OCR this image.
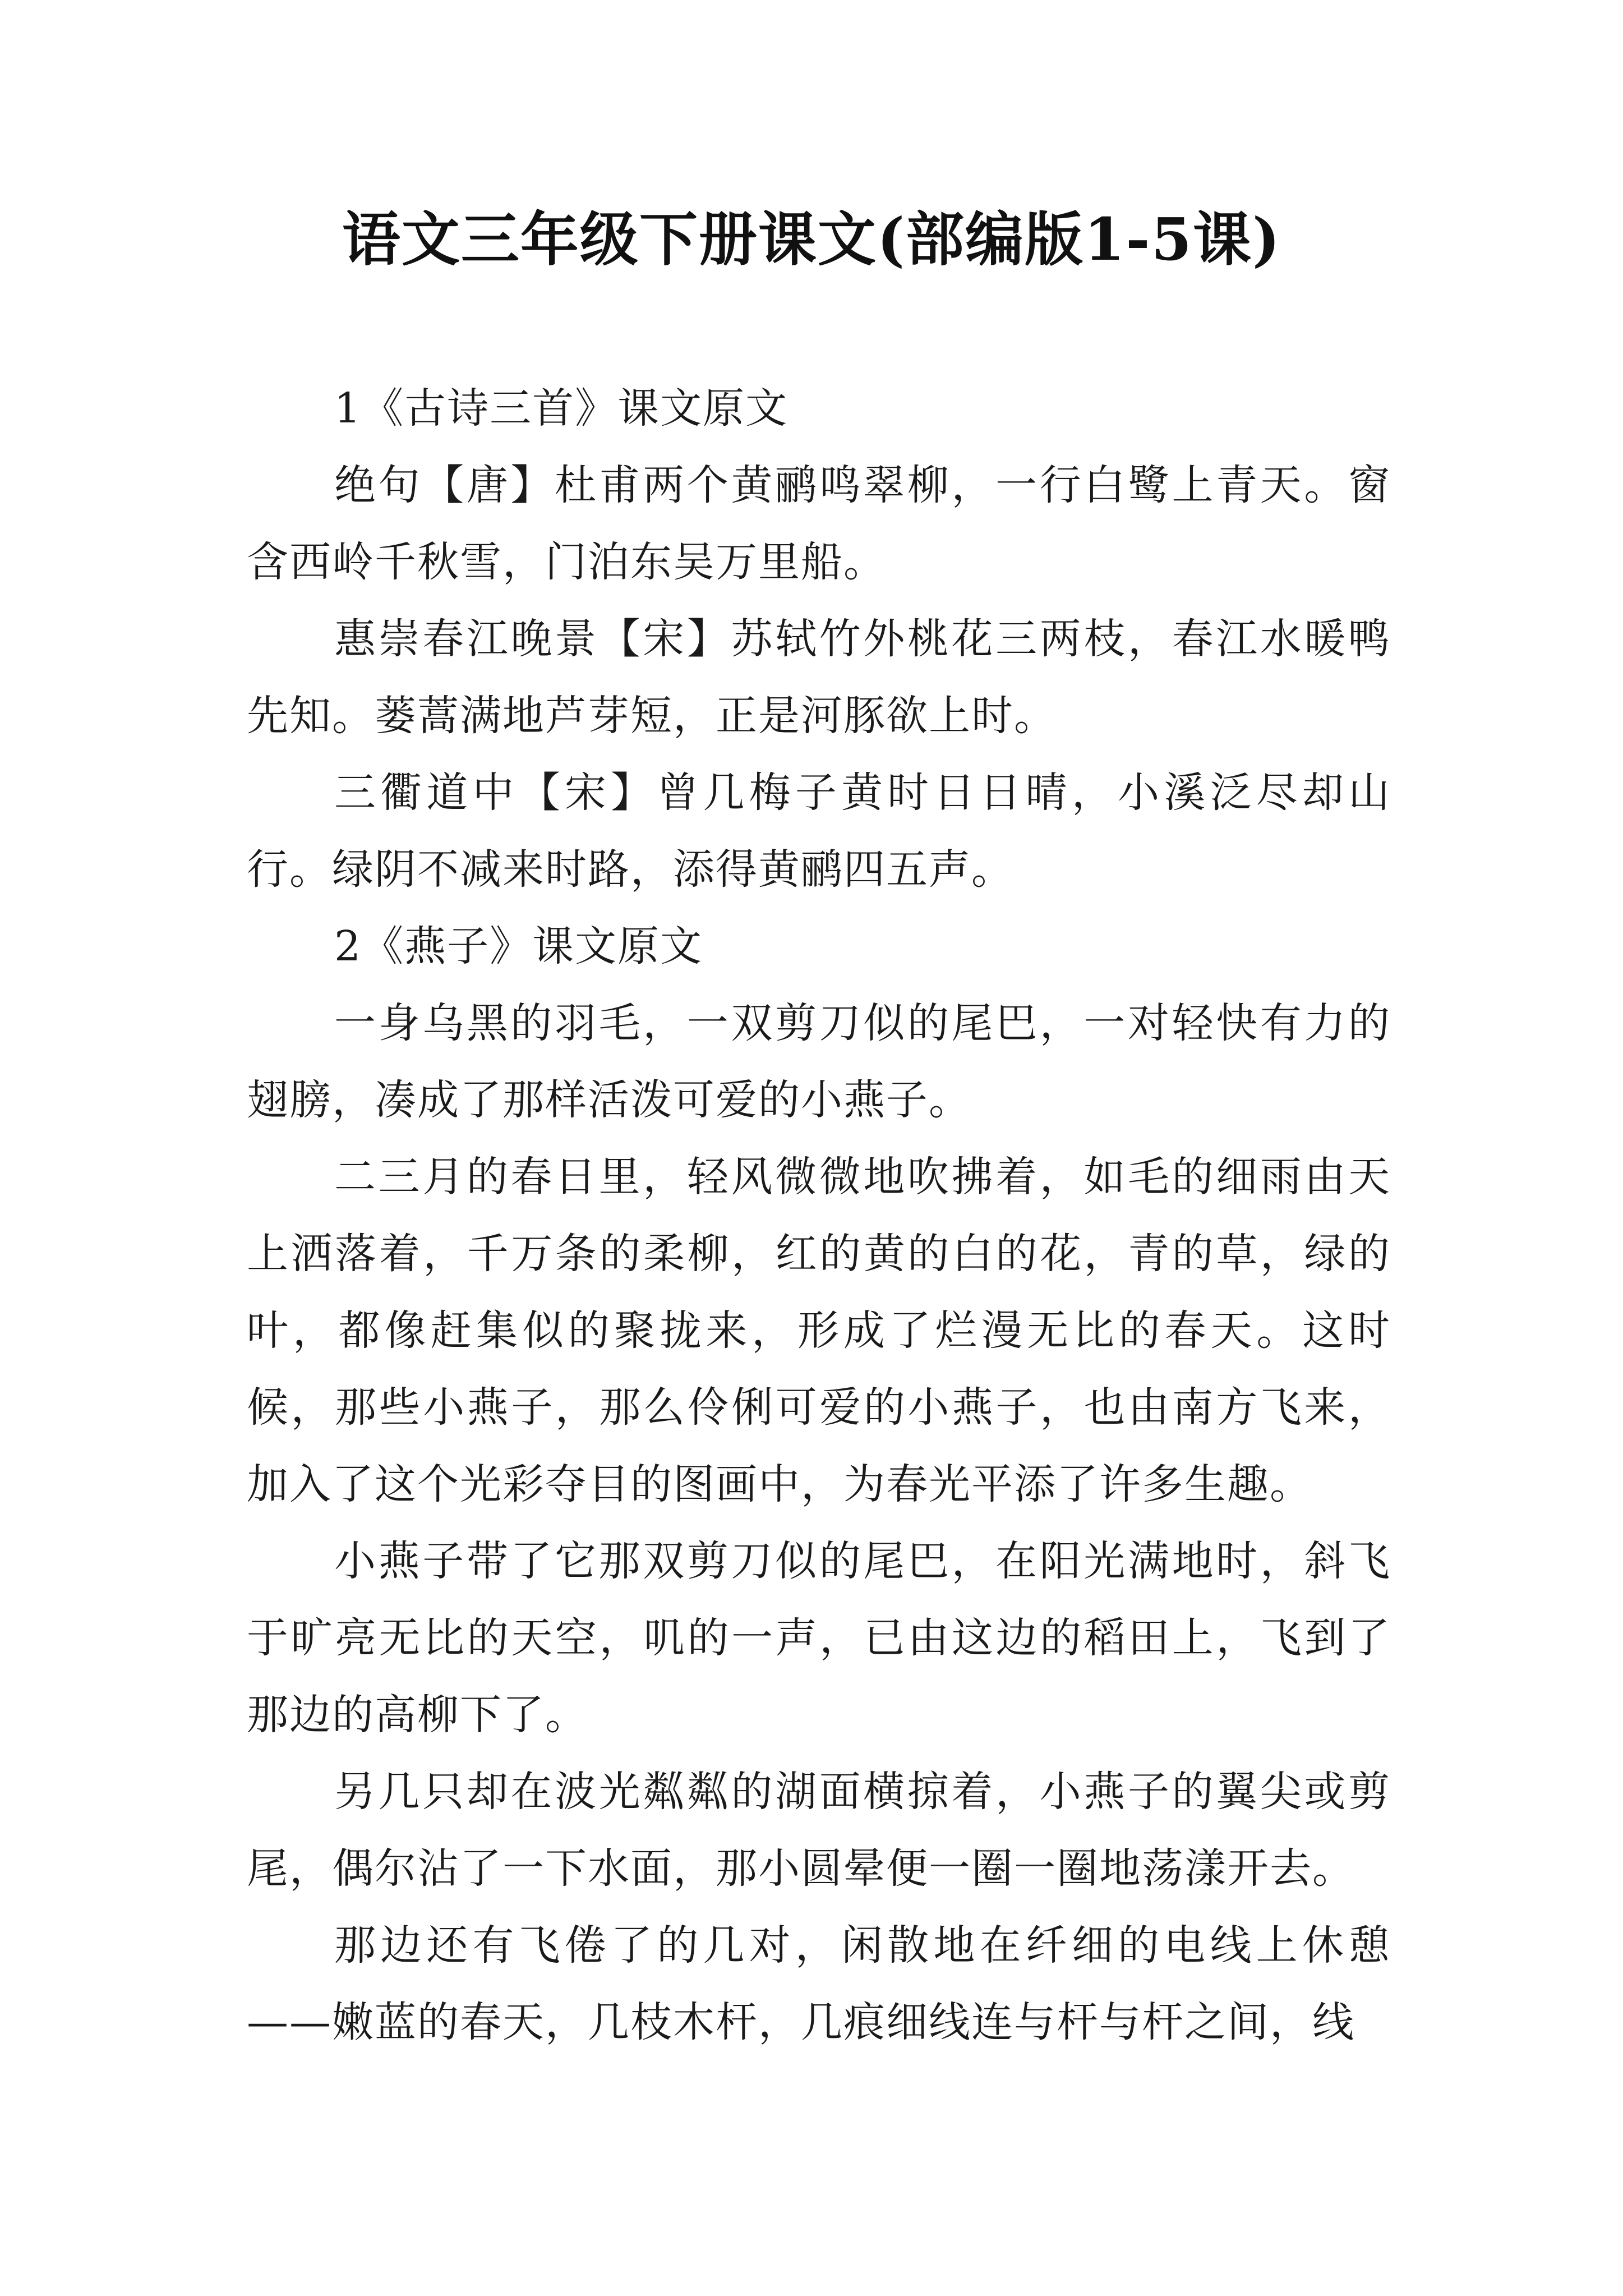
语文三年级下册课文(部编版1-5课)

1《古诗三首》课文原文

绝句【唐】杜甫两个黄鹂鸣翠柳，一行白鹭上青天。窗含西岭千秋雪，门泊东吴万里船。

惠崇春江晚景【宋】苏轼竹外桃花三两枝，春江水暖鸭先知。蒌蒿满地芦芽短，正是河豚欲上时。

三衢道中【宋】曾几梅子黄时日日晴，小溪泛尽却山行。绿阴不减来时路，添得黄鹂四五声。

2《燕子》课文原文

一身乌黑的羽毛，一双剪刀似的尾巴，一对轻快有力的翅膀，凑成了那样活泼可爱的小燕子。

二三月的春日里，轻风微微地吹拂着，如毛的细雨由天上洒落着，千万条的柔柳，红的黄的白的花，青的草，绿的叶，都像赶集似的聚拢来，形成了烂漫无比的春天。这时候，那些小燕子，那么伶俐可爱的小燕子，也由南方飞来，加入了这个光彩夺目的图画中，为春光平添了许多生趣。

小燕子带了它那双剪刀似的尾巴，在阳光满地时，斜飞于旷亮无比的天空，叽的一声，已由这边的稻田上，飞到了那边的高柳下了。

另几只却在波光粼粼的湖面横掠着，小燕子的翼尖或剪尾，偶尔沾了一下水面，那小圆晕便一圈一圈地荡漾开去。

那边还有飞倦了的几对，闲散地在纤细的电线上休憩——嫩蓝的春天，几枝木杆，几痕细线连与杆与杆之间，线
